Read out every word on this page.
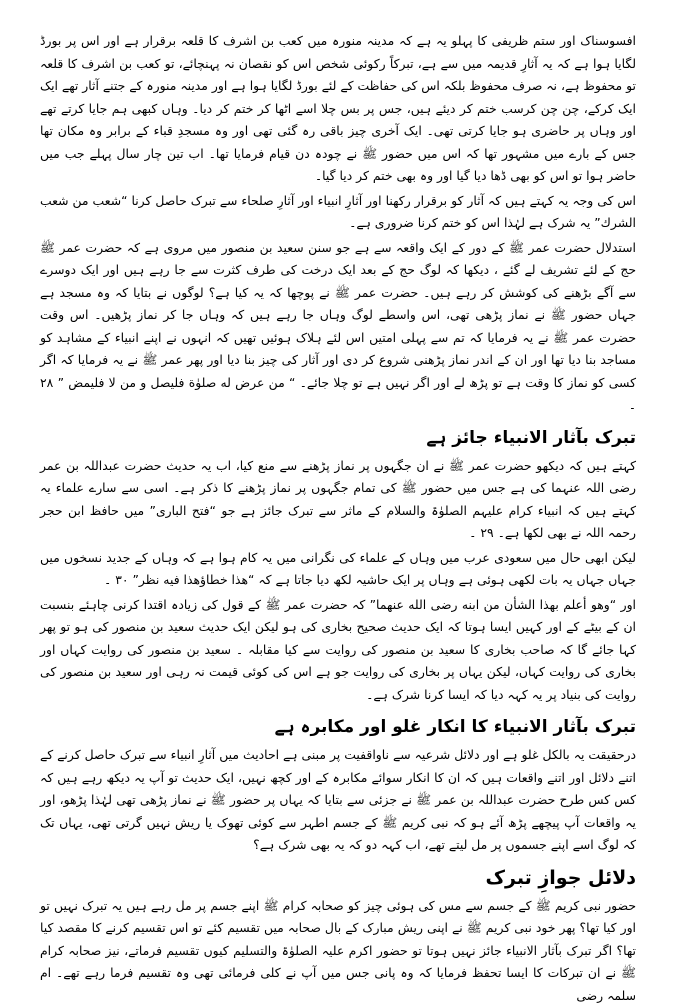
افسوسناک اور ستم ظریفی کا پہلو یہ ہے کہ مدینہ منورہ میں کعب بن اشرف کا قلعہ برقرار ہے اور اس پر بورڈ لگایا ہوا ہے کہ یہ آثارِ قدیمہ میں سے ہے، تبرکاً رکوئی شخص اس کو نقصان نہ پہنچائے، تو کعب بن اشرف کا قلعہ تو محفوظ ہے، نہ صرف محفوظ بلکہ اس کی حفاظت کے لئے بورڈ لگایا ہوا ہے اور مدینہ منورہ کے جتنے آثار تھے ایک ایک کرکے، چن چن کرسب ختم کر دیئے ہیں، جس پر بس چلا اسے اٹھا کر ختم کر دیا۔ وہاں کبھی ہم جایا کرتے تھے اور وہاں پر حاضری ہو جایا کرتی تھی۔ ایک آخری چیز باقی رہ گئی تھی اور وہ مسجدِ قباء کے برابر وہ مکان تھا جس کے بارے میں مشہور تھا کہ اس میں حضور ﷺ نے چودہ دن قیام فرمایا تھا۔ اب تین چار سال پہلے جب میں حاضر ہوا تو اس کو بھی ڈھا دیا گیا اور وہ بھی ختم کر دیا گیا۔

اس کی وجہ یہ کہتے ہیں کہ آثار کو برقرار رکھنا اور آثارِ انبیاء اور آثارِ صلحاء سے تبرک حاصل کرنا “شعب من شعب الشرك” یہ شرک ہے لہٰذا اس کو ختم کرنا ضروری ہے۔

استدلال حضرت عمر ﷺ کے دور کے ایک واقعہ سے ہے جو سنن سعید بن منصور میں مروی ہے کہ حضرت عمر ﷺ حج کے لئے تشریف لے گئے ، دیکھا کہ لوگ حج کے بعد ایک درخت کی طرف کثرت سے جا رہے ہیں اور ایک دوسرے سے آگے بڑھنے کی کوشش کر رہے ہیں۔ حضرت عمر ﷺ نے پوچھا کہ یہ کیا ہے؟ لوگوں نے بتایا کہ وہ مسجد ہے جہاں حضور ﷺ نے نماز پڑھی تھی، اس واسطے لوگ وہاں جا رہے ہیں کہ وہاں جا کر نماز پڑھیں۔ اس وقت حضرت عمر ﷺ نے یہ فرمایا کہ تم سے پہلی امتیں اس لئے ہلاک ہوئیں تھیں کہ انہوں نے اپنے انبیاء کے مشاہد کو مساجد بنا دیا تھا اور ان کے اندر نماز پڑھنی شروع کر دی اور آثار کی چیز بنا دیا اور پھر عمر ﷺ نے یہ فرمایا کہ اگر کسی کو نماز کا وقت ہے تو پڑھ لے اور اگر نہیں ہے تو چلا جائے۔ “ من عرض له صلوٰة فليصل و من لا فليمض ” ۲۸ ۔

تبرک بآثار الانبیاء جائز ہے

کہتے ہیں کہ دیکھو حضرت عمر ﷺ نے ان جگہوں پر نماز پڑھنے سے منع کیا، اب یہ حدیث حضرت عبداللہ بن عمر رضی اللہ عنہما کی ہے جس میں حضور ﷺ کی تمام جگہوں پر نماز پڑھنے کا ذکر ہے۔ اسی سے سارے علماء یہ کہتے ہیں کہ انبیاء کرام علیہم الصلوٰۃ والسلام کے ماثر سے تبرک جائز ہے جو “فتح الباری” میں حافظ ابن حجر رحمہ اللہ نے بھی لکھا ہے۔ ۲۹ ۔

لیکن ابھی حال میں سعودی عرب میں وہاں کے علماء کی نگرانی میں یہ کام ہوا ہے کہ وہاں کے جدید نسخوں میں جہاں جہاں یہ بات لکھی ہوئی ہے وہاں پر ایک حاشیہ لکھ دیا جاتا ہے کہ “هذا خطاؤهذا فيه نظر” ۳۰ ۔

اور “وهو أعلم بهذا الشأن من ابنه رضى الله عنهما” کہ حضرت عمر ﷺ کے قول کی زیادہ اقتدا کرنی چاہئے بنسبت ان کے بیٹے کے اور کہیں ایسا ہوتا کہ ایک حدیث صحیح بخاری کی ہو لیکن ایک حدیث سعید بن منصور کی ہو تو پھر کہا جائے گا کہ صاحب بخاری کا سعید بن منصور کی روایت سے کیا مقابلہ ۔ سعید بن منصور کی روایت کہاں اور بخاری کی روایت کہاں، لیکن یہاں پر بخاری کی روایت جو ہے اس کی کوئی قیمت نہ رہی اور سعید بن منصور کی روایت کی بنیاد پر یہ کہہ دیا کہ ایسا کرنا شرک ہے۔

تبرک بآثار الانبیاء کا انکار غلو اور مکابرہ ہے

درحقیقت یہ بالکل غلو ہے اور دلائل شرعیہ سے ناواقفیت پر مبنی ہے احادیث میں آثارِ انبیاء سے تبرک حاصل کرنے کے اتنے دلائل اور اتنے واقعات ہیں کہ ان کا انکار سوائے مکابرہ کے اور کچھ نہیں، ایک حدیث تو آپ یہ دیکھ رہے ہیں کہ کس کس طرح حضرت عبداللہ بن عمر ﷺ نے جزئی سے بتایا کہ یہاں پر حضور ﷺ نے نماز پڑھی تھی لہٰذا پڑھو، اور یہ واقعات آپ پیچھے پڑھ آئے ہو کہ نبی کریم ﷺ کے جسم اطہر سے کوئی تھوک یا ریش نہیں گرتی تھی، یہاں تک کہ لوگ اسے اپنے جسموں پر مل لیتے تھے، اب کہہ دو کہ یہ بھی شرک ہے؟

دلائل جوازِ تبرک

حضور نبی کریم ﷺ کے جسم سے مس کی ہوئی چیز کو صحابہ کرام ﷺ اپنے جسم پر مل رہے ہیں یہ تبرک نہیں تو اور کیا تھا؟ پھر خود نبی کریم ﷺ نے اپنی ریش مبارک کے بال صحابہ میں تقسیم کئے تو اس تقسیم کرنے کا مقصد کیا تھا؟ اگر تبرک بآثار الانبیاء جائز نہیں ہوتا تو حضور اکرم علیہ الصلوٰۃ والتسلیم کیوں تقسیم فرماتے، نیز صحابہ کرام ﷺ نے ان تبرکات کا ایسا تحفظ فرمایا کہ وہ پانی جس میں آپ نے کلی فرمائی تھی وہ تقسیم فرما رہے تھے۔ ام سلمہ رضی
